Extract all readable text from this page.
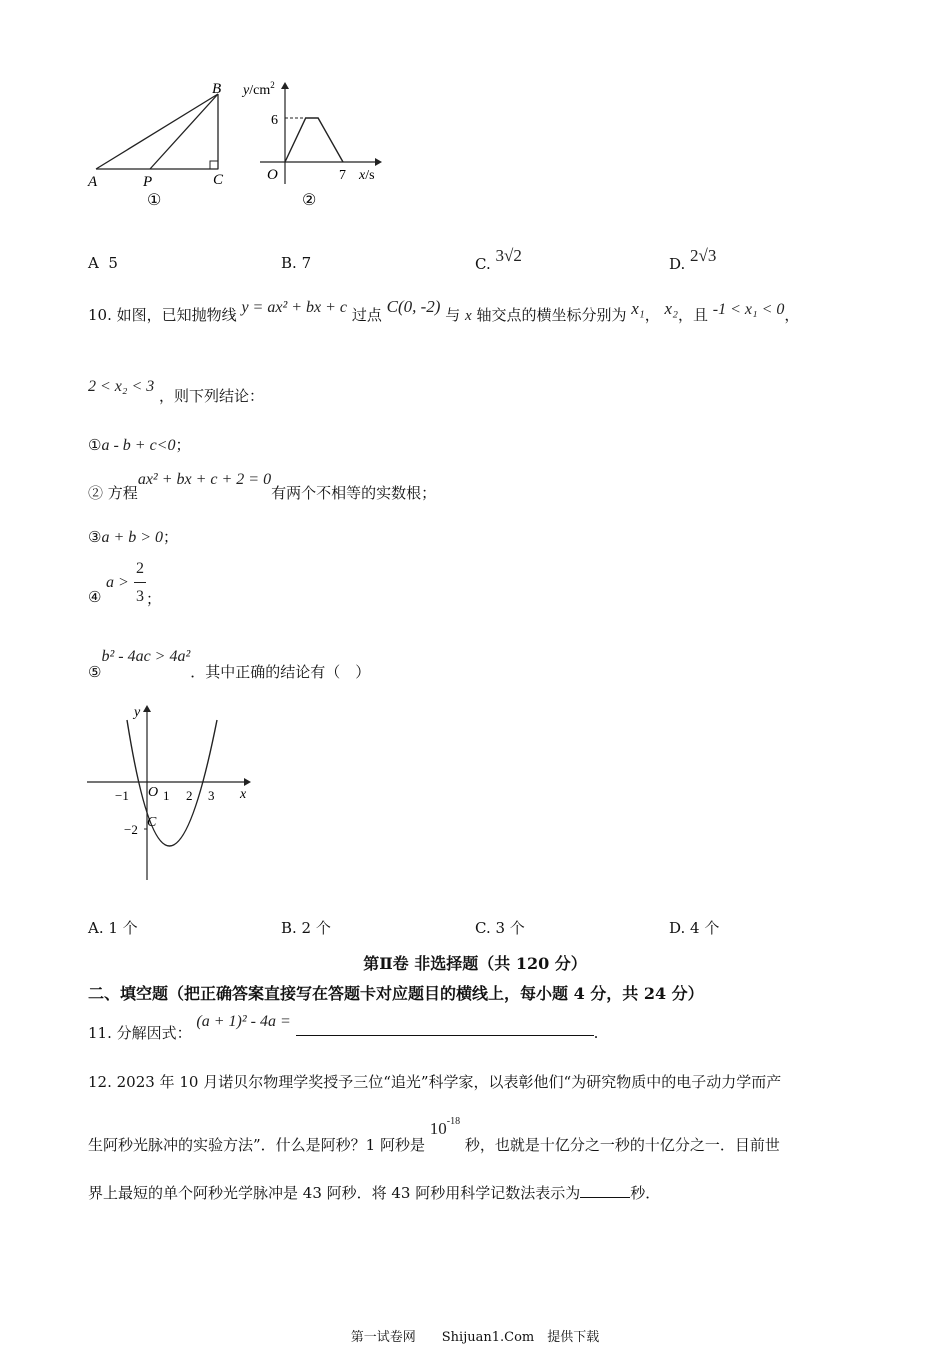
A	P	C
B
①
$y/cm^2$
6
O	7 x/s
②
A 5	B. 7	C. 3√2	D. 2√3
10. 如图，已知抛物线 y = ax² + bx + c 过点 C(0, -2) 与 x 轴交点的横坐标分别为 x₁， x₂，且 -1 < x₁ < 0，
2 < x₂ < 3 ，则下列结论：
①a - b + c<0；
② 方程ax² + bx + c + 2 = 0有两个不相等的实数根；
③a + b > 0；
④
a >
2
3 ；
⑤b² - 4ac > 4a²．其中正确的结论有（　）
y
x
O
−1	1 2 3
C
−2
A. 1 个	B. 2 个	C. 3 个	D. 4 个
第Ⅱ卷 非选择题（共 120 分）
二、填空题（把正确答案直接写在答题卡对应题目的横线上，每小题 4 分，共 24 分）
11. 分解因式： (a + 1)² - 4a = .
12. 2023 年 10 月诺贝尔物理学奖授予三位“追光”科学家，以表彰他们“为研究物质中的电子动力学而产
生阿秒光脉冲的实验方法”．什么是阿秒？1 阿秒是 $10^{-18}$ 秒，也就是十亿分之一秒的十亿分之一．目前世
界上最短的单个阿秒光学脉冲是 43 阿秒．将 43 阿秒用科学记数法表示为	秒．
第一试卷网　　Shijuan1.Com　提供下载
